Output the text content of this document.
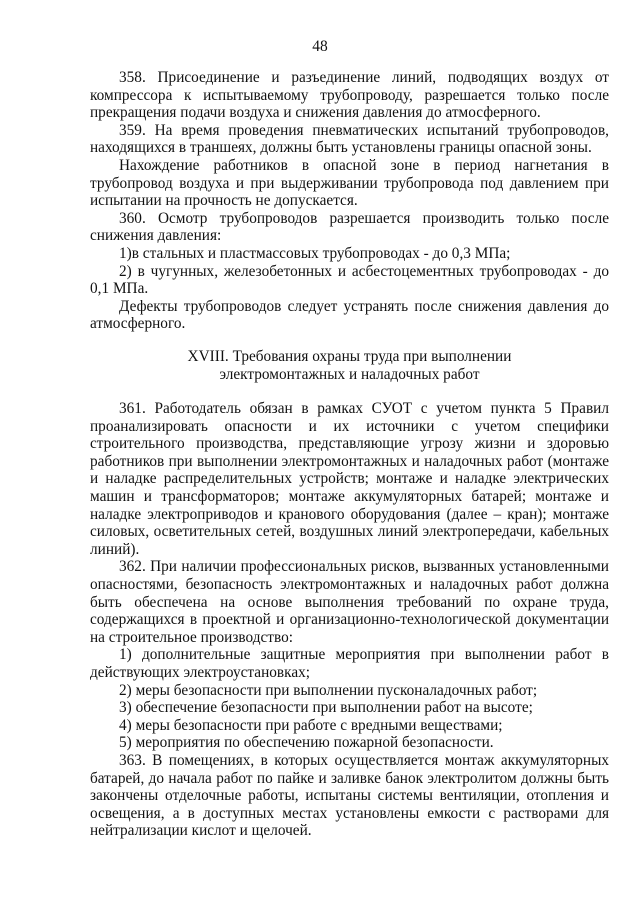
48

358. Присоединение и разъединение линий, подводящих воздух от компрессора к испытываемому трубопроводу, разрешается только после прекращения подачи воздуха и снижения давления до атмосферного.

359. На время проведения пневматических испытаний трубопроводов, находящихся в траншеях, должны быть установлены границы опасной зоны.

Нахождение работников в опасной зоне в период нагнетания в трубопровод воздуха и при выдерживании трубопровода под давлением при испытании на прочность не допускается.

360. Осмотр трубопроводов разрешается производить только после снижения давления:

1)в стальных и пластмассовых трубопроводах - до 0,3 МПа;

2) в чугунных, железобетонных и асбестоцементных трубопроводах - до 0,1 МПа.

Дефекты трубопроводов следует устранять после снижения давления до атмосферного.

XVIII. Требования охраны труда при выполнении
электромонтажных и наладочных работ

361. Работодатель обязан в рамках СУОТ с учетом пункта 5 Правил проанализировать опасности и их источники с учетом специфики строительного производства, представляющие угрозу жизни и здоровью работников при выполнении электромонтажных и наладочных работ (монтаже и наладке распределительных устройств; монтаже и наладке электрических машин и трансформаторов; монтаже аккумуляторных батарей; монтаже и наладке электроприводов и кранового оборудования (далее – кран); монтаже силовых, осветительных сетей, воздушных линий электропередачи, кабельных линий).

362. При наличии профессиональных рисков, вызванных установленными опасностями, безопасность электромонтажных и наладочных работ должна быть обеспечена на основе выполнения требований по охране труда, содержащихся в проектной и организационно-технологической документации на строительное производство:

1) дополнительные защитные мероприятия при выполнении работ в действующих электроустановках;

2) меры безопасности при выполнении пусконаладочных работ;

3) обеспечение безопасности при выполнении работ на высоте;

4) меры безопасности при работе с вредными веществами;

5) мероприятия по обеспечению пожарной безопасности.

363. В помещениях, в которых осуществляется монтаж аккумуляторных батарей, до начала работ по пайке и заливке банок электролитом должны быть закончены отделочные работы, испытаны системы вентиляции, отопления и освещения, а в доступных местах установлены емкости с растворами для нейтрализации кислот и щелочей.
